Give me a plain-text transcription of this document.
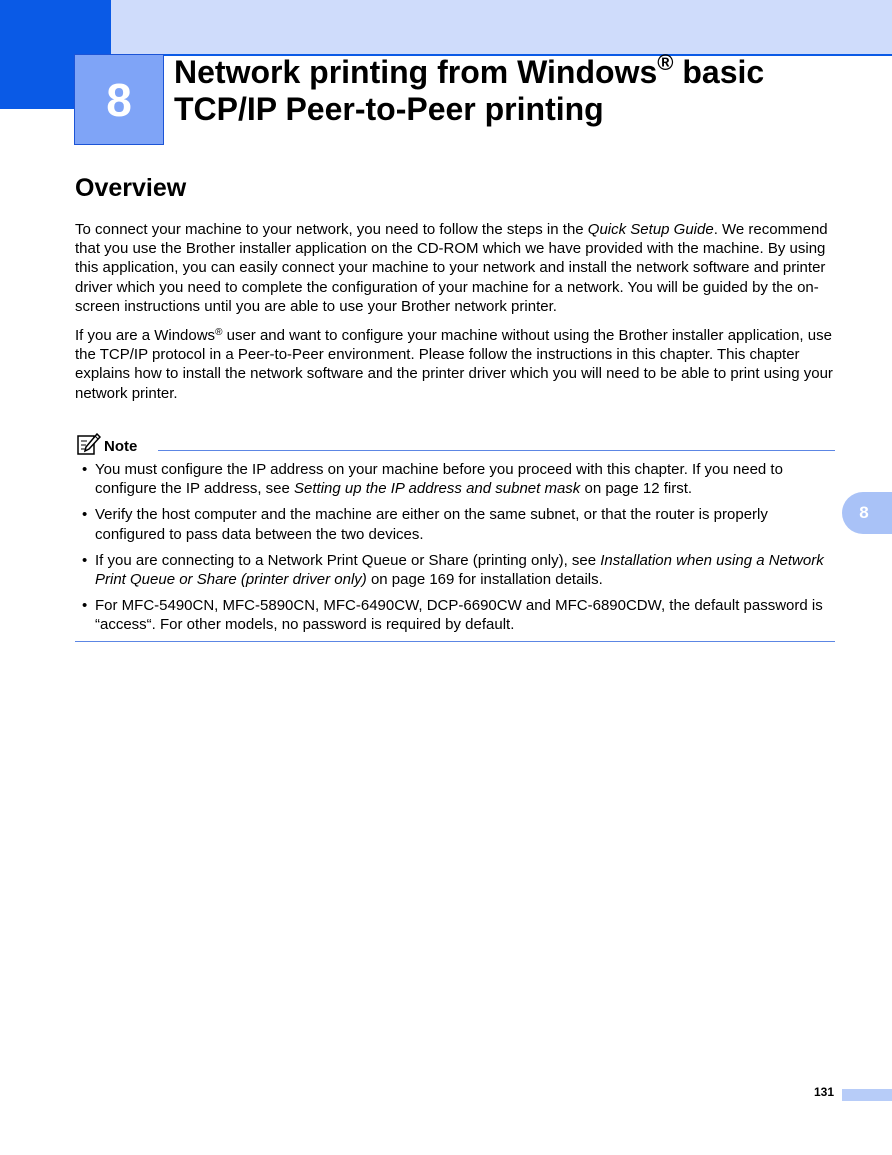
8
Network printing from Windows® basic
TCP/IP Peer-to-Peer printing
Overview

To connect your machine to your network, you need to follow the steps in the Quick Setup Guide. We recommend that you use the Brother installer application on the CD-ROM which we have provided with the machine. By using this application, you can easily connect your machine to your network and install the network software and printer driver which you need to complete the configuration of your machine for a network. You will be guided by the on-screen instructions until you are able to use your Brother network printer.

If you are a Windows® user and want to configure your machine without using the Brother installer application, use the TCP/IP protocol in a Peer-to-Peer environment. Please follow the instructions in this chapter. This chapter explains how to install the network software and the printer driver which you will need to be able to print using your network printer.

Note
• You must configure the IP address on your machine before you proceed with this chapter. If you need to configure the IP address, see Setting up the IP address and subnet mask on page 12 first.
• Verify the host computer and the machine are either on the same subnet, or that the router is properly configured to pass data between the two devices.
• If you are connecting to a Network Print Queue or Share (printing only), see Installation when using a Network Print Queue or Share (printer driver only) on page 169 for installation details.
• For MFC-5490CN, MFC-5890CN, MFC-6490CW, DCP-6690CW and MFC-6890CDW, the default password is “access“. For other models, no password is required by default.
8
131
